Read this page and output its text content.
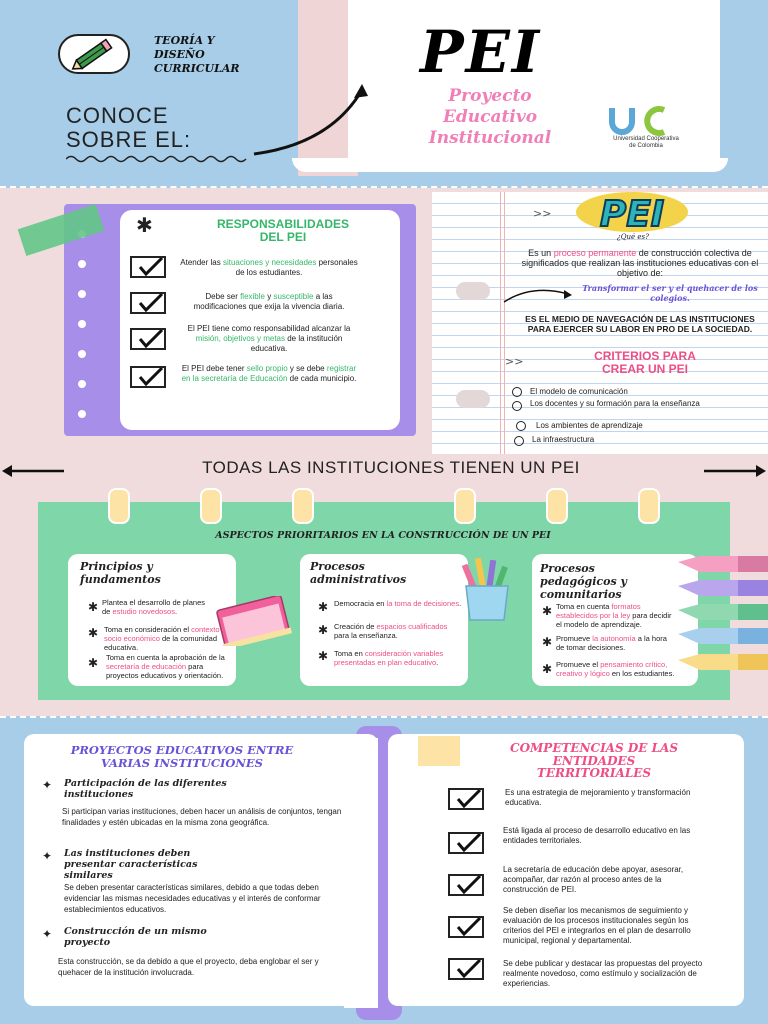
TEORÍA Y
DISEÑO
CURRICULAR
CONOCE
SOBRE EL:
PEI
Proyecto
Educativo
Institucional	Universidad Cooperativa
de Colombia
✱	RESPONSABILIDADES
DEL PEI
Atender las situaciones y necesidades personales de los estudiantes.
Debe ser flexible y susceptible a las modificaciones que exija la vivencia diaria.
El PEI tiene como responsabilidad alcanzar la misión, objetivos y metas de la institución educativa.
El PEI debe tener sello propio y se debe registrar en la secretaría de Educación de cada municipio.
>> PEI
¿Qué es?
Es un proceso permanente de construcción colectiva de significados que realizan las instituciones educativas con el objetivo de:
Transformar el ser y el quehacer de los colegios.
ES EL MEDIO DE NAVEGACIÓN DE LAS INSTITUCIONES PARA EJERCER SU LABOR EN PRO DE LA SOCIEDAD.
>>	CRITERIOS PARA
CREAR UN PEI
El modelo de comunicación
Los docentes y su formación para la enseñanza
Los ambientes de aprendizaje
La infraestructura
TODAS LAS INSTITUCIONES TIENEN UN PEI
ASPECTOS PRIORITARIOS EN LA CONSTRUCCIÓN DE UN PEI
Principios y
fundamentos
✱ Plantea el desarrollo de planes de estudio novedosos.
✱ Toma en consideración el contexto socio económico de la comunidad educativa.
✱ Toma en cuenta la aprobación de la secretaría de educación para proyectos educativos y orientación.
Procesos
administrativos
✱ Democracia en la toma de decisiones.
✱ Creación de espacios cualificados para la enseñanza.
✱ Toma en consideración variables presentadas en plan educativo.
Procesos
pedagógicos y
comunitarios
✱ Toma en cuenta formatos establecidos por la ley para decidir el modelo de aprendizaje.
✱ Promueve la autonomía a la hora de tomar decisiones.
✱ Promueve el pensamiento crítico, creativo y lógico en los estudiantes.
PROYECTOS EDUCATIVOS ENTRE
VARIAS INSTITUCIONES
✦ Participación de las diferentes
instituciones
Si participan varias instituciones, deben hacer un análisis de conjuntos, tengan finalidades y estén ubicadas en la misma zona geográfica.
✦ Las instituciones deben
presentar características
similares
Se deben presentar características similares, debido a que todas deben evidenciar las mismas necesidades educativas y el interés de conformar establecimientos educativos.
✦ Construcción de un mismo
proyecto
Esta construcción, se da debido a que el proyecto, deba englobar el ser y quehacer de la institución involucrada.
COMPETENCIAS DE LAS
ENTIDADES
TERRITORIALES
Es una estrategia de mejoramiento y transformación educativa.
Está ligada al proceso de desarrollo educativo en las entidades territoriales.
La secretaría de educación debe apoyar, asesorar, acompañar, dar razón al proceso antes de la construcción de PEI.
Se deben diseñar los mecanismos de seguimiento y evaluación de los procesos institucionales según los criterios del PEI e integrarlos en el plan de desarrollo municipal, regional y departamental.
Se debe publicar y destacar las propuestas del proyecto realmente novedoso, como estímulo y socialización de experiencias.
